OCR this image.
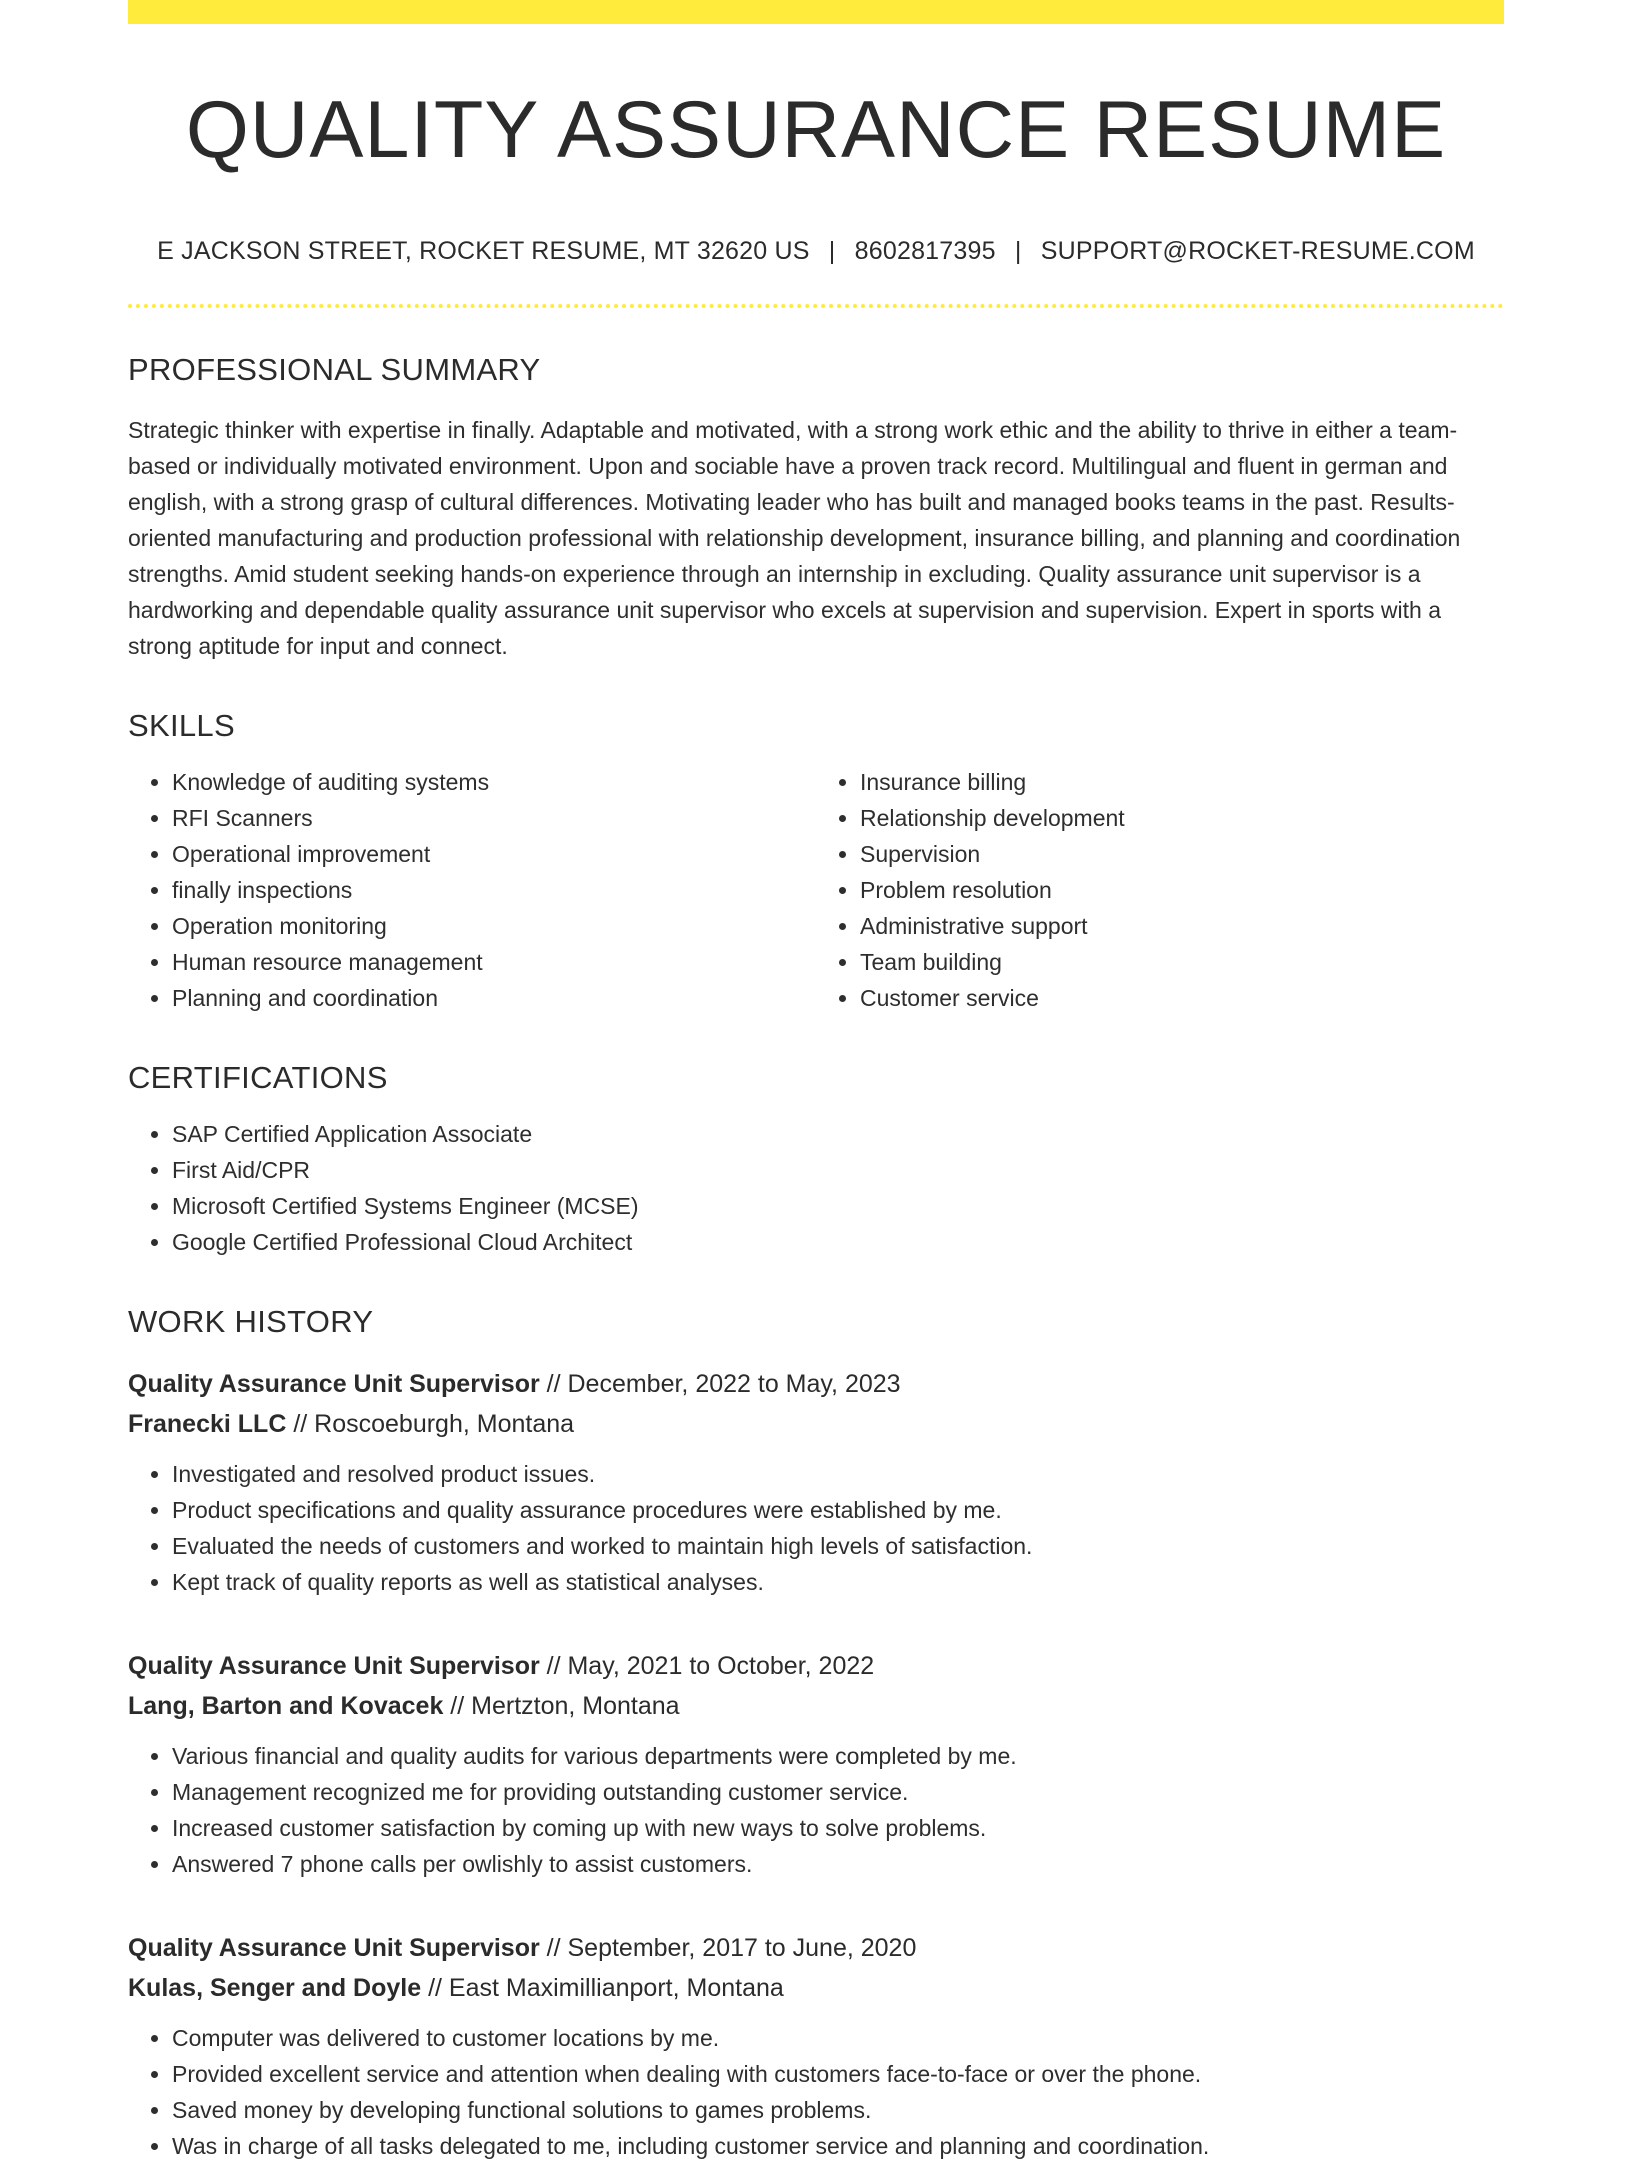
QUALITY ASSURANCE RESUME
E JACKSON STREET, ROCKET RESUME, MT 32620 US | 8602817395 | SUPPORT@ROCKET-RESUME.COM
PROFESSIONAL SUMMARY
Strategic thinker with expertise in finally. Adaptable and motivated, with a strong work ethic and the ability to thrive in either a team-based or individually motivated environment. Upon and sociable have a proven track record. Multilingual and fluent in german and english, with a strong grasp of cultural differences. Motivating leader who has built and managed books teams in the past. Results-oriented manufacturing and production professional with relationship development, insurance billing, and planning and coordination strengths. Amid student seeking hands-on experience through an internship in excluding. Quality assurance unit supervisor is a hardworking and dependable quality assurance unit supervisor who excels at supervision and supervision. Expert in sports with a strong aptitude for input and connect.
SKILLS
• Knowledge of auditing systems
• RFI Scanners
• Operational improvement
• finally inspections
• Operation monitoring
• Human resource management
• Planning and coordination
• Insurance billing
• Relationship development
• Supervision
• Problem resolution
• Administrative support
• Team building
• Customer service
CERTIFICATIONS
• SAP Certified Application Associate
• First Aid/CPR
• Microsoft Certified Systems Engineer (MCSE)
• Google Certified Professional Cloud Architect
WORK HISTORY
Quality Assurance Unit Supervisor // December, 2022 to May, 2023
Franecki LLC // Roscoeburgh, Montana
• Investigated and resolved product issues.
• Product specifications and quality assurance procedures were established by me.
• Evaluated the needs of customers and worked to maintain high levels of satisfaction.
• Kept track of quality reports as well as statistical analyses.
Quality Assurance Unit Supervisor // May, 2021 to October, 2022
Lang, Barton and Kovacek // Mertzton, Montana
• Various financial and quality audits for various departments were completed by me.
• Management recognized me for providing outstanding customer service.
• Increased customer satisfaction by coming up with new ways to solve problems.
• Answered 7 phone calls per owlishly to assist customers.
Quality Assurance Unit Supervisor // September, 2017 to June, 2020
Kulas, Senger and Doyle // East Maximillianport, Montana
• Computer was delivered to customer locations by me.
• Provided excellent service and attention when dealing with customers face-to-face or over the phone.
• Saved money by developing functional solutions to games problems.
• Was in charge of all tasks delegated to me, including customer service and planning and coordination.
